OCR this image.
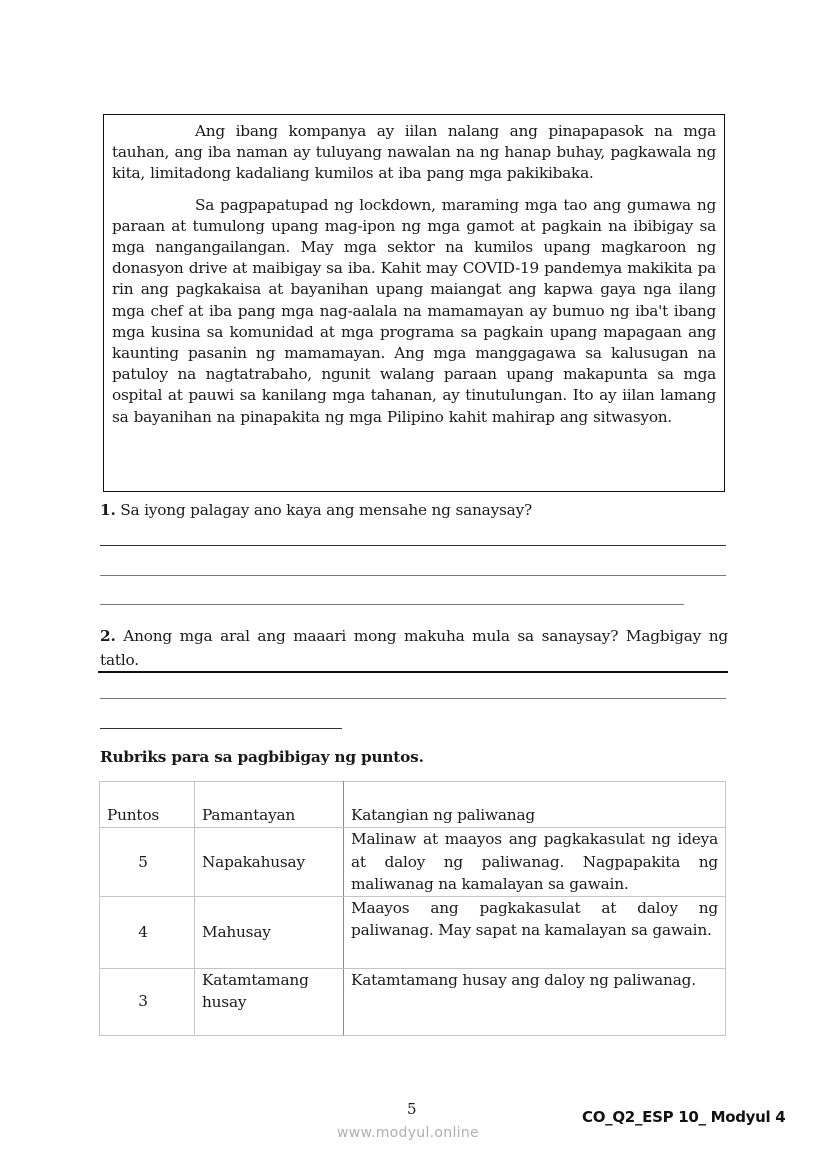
Ang ibang kompanya ay iilan nalang ang pinapapasok na mga tauhan, ang iba naman ay tuluyang nawalan na ng hanap buhay, pagkawala ng kita, limitadong kadaliang kumilos at iba pang mga pakikibaka.

Sa pagpapatupad ng lockdown, maraming mga tao ang gumawa ng paraan at tumulong upang mag-ipon ng mga gamot at pagkain na ibibigay sa mga nangangailangan. May mga sektor na kumilos upang magkaroon ng donasyon drive at maibigay sa iba. Kahit may COVID-19 pandemya makikita pa rin ang pagkakaisa at bayanihan upang maiangat ang kapwa gaya nga ilang mga chef at iba pang mga nag-aalala na mamamayan ay bumuo ng iba't ibang mga kusina sa komunidad at mga programa sa pagkain upang mapagaan ang kaunting pasanin ng mamamayan. Ang mga manggagawa sa kalusugan na patuloy na nagtatrabaho, ngunit walang paraan upang makapunta sa mga ospital at pauwi sa kanilang mga tahanan, ay tinutulungan. Ito ay iilan lamang sa bayanihan na pinapakita ng mga Pilipino kahit mahirap ang sitwasyon.

1. Sa iyong palagay ano kaya ang mensahe ng sanaysay?
2. Anong mga aral ang maaari mong makuha mula sa sanaysay? Magbigay ng tatlo.
Rubriks para sa pagbibigay ng puntos.
Puntos	Pamantayan	Katangian ng paliwanag
5	Napakahusay	Malinaw at maayos ang pagkakasulat ng ideya at daloy ng paliwanag. Nagpapakita ng maliwanag na kamalayan sa gawain.
4	Mahusay	Maayos ang pagkakasulat at daloy ng paliwanag. May sapat na kamalayan sa gawain.
3	Katamtamang husay	Katamtamang husay ang daloy ng paliwanag.
5	CO_Q2_ESP 10_ Modyul 4
www.modyul.online
